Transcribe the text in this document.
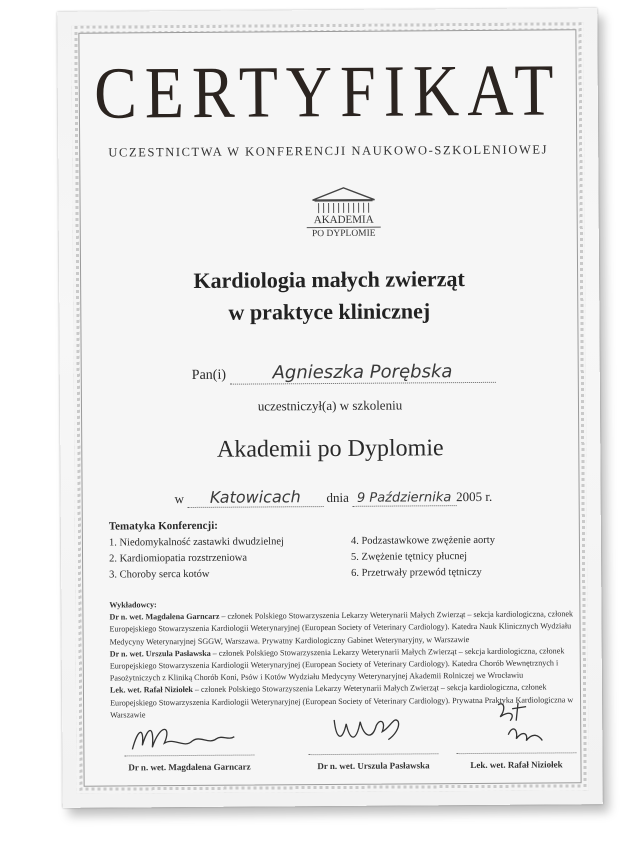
CERTYFIKAT
UCZESTNICTWA W KONFERENCJI NAUKOWO-SZKOLENIOWEJ
AKADEMIA
PO DYPLOMIE
Kardiologia małych zwierząt
w praktyce klinicznej
Pan(i)	Agnieszka Porębska
uczestniczył(a) w szkoleniu
Akademii po Dyplomie
w Katowicach dnia 9 Października 2005 r.
Tematyka Konferencji:
1. Niedomykalność zastawki dwudzielnej
2. Kardiomiopatia rozstrzeniowa
3. Choroby serca kotów
4. Podzastawkowe zwężenie aorty
5. Zwężenie tętnicy płucnej
6. Przetrwały przewód tętniczy
Wykładowcy:
Dr n. wet. Magdalena Garncarz – członek Polskiego Stowarzyszenia Lekarzy Weterynarii Małych Zwierząt – sekcja kardiologiczna, członek Europejskiego Stowarzyszenia Kardiologii Weterynaryjnej (European Society of Veterinary Cardiology). Katedra Nauk Klinicznych Wydziału Medycyny Weterynaryjnej SGGW, Warszawa. Prywatny Kardiologiczny Gabinet Weterynaryjny, w Warszawie
Dr n. wet. Urszula Pasławska – członek Polskiego Stowarzyszenia Lekarzy Weterynarii Małych Zwierząt – sekcja kardiologiczna, członek Europejskiego Stowarzyszenia Kardiologii Weterynaryjnej (European Society of Veterinary Cardiology). Katedra Chorób Wewnętrznych i Pasożytniczych z Kliniką Chorób Koni, Psów i Kotów Wydziału Medycyny Weterynaryjnej Akademii Rolniczej we Wrocławiu
Lek. wet. Rafał Niziołek – członek Polskiego Stowarzyszenia Lekarzy Weterynarii Małych Zwierząt – sekcja kardiologiczna, członek Europejskiego Stowarzyszenia Kardiologii Weterynaryjnej (European Society of Veterinary Cardiology). Prywatna Praktyka Kardiologiczna w Warszawie
Dr n. wet. Magdalena Garncarz	Dr n. wet. Urszula Pasławska	Lek. wet. Rafał Niziołek
